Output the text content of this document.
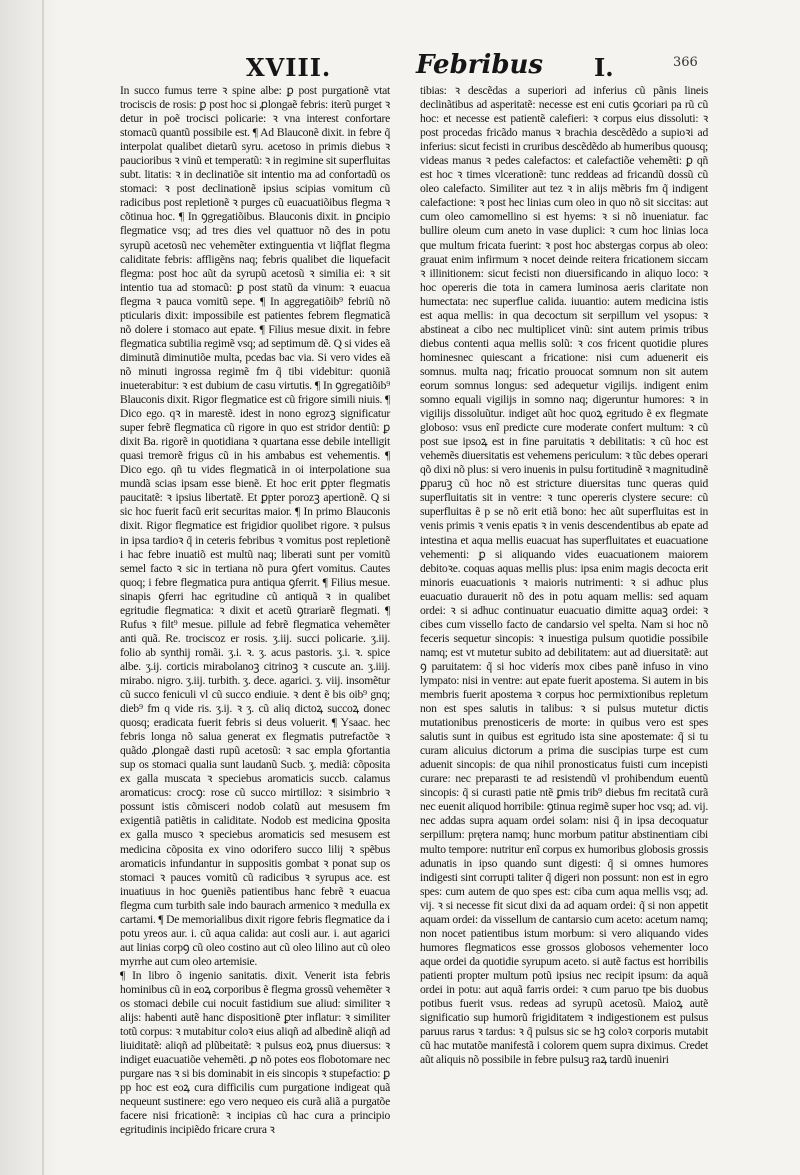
XVIII.	Febribus I.	366

In succo fumus terre ꝛ spine albe: ꝑ post purgationẽ vtat trociscis de rosis: ꝑ post hoc si ꝓlongaẽ febris: iterũ purget ꝛ detur in poẽ trocisci policarie: ꝛ vna interest confortare stomacũ quantũ possibile est. ¶ Ad Blauconẽ dixit. in febre q̃ interpolat qualibet dietarũ syru. acetoso in primis diebus ꝛ paucioribus ꝛ vinũ et temperatũ: ꝛ in regimine sit superfluitas subt. litatis: ꝛ in declinatiõe sit intentio ma ad confortadũ os stomaci: ꝛ post declinationẽ ipsius scipias vomitum cũ radicibus post repletionẽ ꝛ purges cũ euacuatiõibus flegma ꝛ cõtinua hoc. ¶ In ꝯgregatiõibus. Blauconis dixit. in ꝑncipio flegmatice vsq; ad tres dies vel quattuor nõ des in potu syrupũ acetosũ nec vehemẽter extinguentia vt liq̃flat flegma caliditate febris: affligẽns naq; febris qualibet die liquefacit flegma: post hoc aũt da syrupũ acetosũ ꝛ similia ei: ꝛ sit intentio tua ad stomacũ: ꝑ post statũ da vinum: ꝛ euacua flegma ꝛ pauca vomitũ sepe. ¶ In aggregatiõib⁹ febriũ nõ pticularis dixit: impossibile est patientes febrem flegmaticã nõ dolere i stomaco aut epate. ¶ Filius mesue dixit. in febre flegmatica subtilia regimẽ vsq; ad septimum dẽ. Q si vides eã diminutã diminutiõe multa, pcedas bac via. Si vero vides eã nõ minuti ingrossa regimẽ fm q̃ tibi videbitur: quoniã inueterabitur: ꝛ est dubium de casu virtutis. ¶ In ꝯgregatiõib⁹ Blauconis dixit. Rigor flegmatice est cũ frigore simili niuis. ¶ Dico ego. qꝛ in marestẽ. idest in nono egrozꝫ significatur super febrẽ flegmatica cũ rigore in quo est stridor dentiũ: ꝑ dixit Ba. rigorẽ in quotidiana ꝛ quartana esse debile intelligit quasi tremorẽ frigus cũ in his ambabus est vehementis. ¶ Dico ego. qñ tu vides flegmaticã in oi interpolatione sua mundã scias ipsam esse bienẽ. Et hoc erit ꝑpter flegmatis paucitatẽ: ꝛ ipsius libertatẽ. Et ꝑpter porozꝫ apertionẽ. Q si sic hoc fuerit facũ erit securitas maior. ¶ In primo Blauconis dixit. Rigor flegmatice est frigidior quolibet rigore. ꝛ pulsus in ipsa tardioꝛ q̃ in ceteris febribus ꝛ vomitus post repletionẽ i hac febre inuatiõ est multũ naq; liberati sunt per vomitũ semel facto ꝛ sic in tertiana nõ pura ꝯfert vomitus. Cautes quoq; i febre flegmatica pura antiqua ꝯferrit. ¶ Filius mesue. sinapis ꝯferri hac egritudine cũ antiquã ꝛ in qualibet egritudie flegmatica: ꝛ dixit et acetũ ꝯtrariarẽ flegmati. ¶ Rufus ꝛ filt⁹ mesue. pillule ad febrẽ flegmatica vehemẽter anti quã. Re. trociscoz er rosis. ʒ.iij. succi policarie. ʒ.iij. folio ab synthij romãi. ʒ.i. ꝛ. ʒ. acus pastoris. ʒ.i. ꝛ. spice albe. ʒ.ij. corticis mirabolanoꝫ citrinoꝫ ꝛ cuscute an. ʒ.iiij. mirabo. nigro. ʒ.iij. turbith. ʒ. dece. agarici. ʒ. viij. insomẽtur cũ succo feniculi vl cũ succo endiuie. ꝛ dent ẽ bis oib⁹ gnq; dieb⁹ fm q vide ris. ʒ.ij. ꝛ ʒ. cũ aliq dictoꝝ succoꝝ donec quosq; eradicata fuerit febris si deus voluerit. ¶ Ysaac. hec febris longa nõ salua generat ex flegmatis putrefactõe ꝛ quãdo ꝓlongaẽ dasti rupũ acetosũ: ꝛ sac empla ꝯfortantia sup os stomaci qualia sunt laudanũ Sucb. ʒ. mediã: cõposita ex galla muscata ꝛ speciebus aromaticis succb. calamus aromaticus: crocꝯ: rose cũ succo mirtilloz: ꝛ sisimbrio ꝛ possunt istis cõmisceri nodob colatũ aut mesusem fm exigentiã patiẽtis in caliditate. Nodob est medicina ꝯposita ex galla musco ꝛ speciebus aromaticis sed mesusem est medicina cõposita ex vino odorifero succo lilij ꝛ spẽbus aromaticis infundantur in suppositis gombat ꝛ ponat sup os stomaci ꝛ pauces vomitũ cũ radicibus ꝛ syrupus ace. est inuatiuus in hoc ꝯueniẽs patientibus hanc febrẽ ꝛ euacua flegma cum turbith sale indo baurach armenico ꝛ medulla ex cartami. ¶ De memorialibus dixit rigore febris flegmatice da i potu yreos aur. i. cũ aqua calida: aut cosli aur. i. aut agarici aut linias corpꝯ cũ oleo costino aut cũ oleo lilino aut cũ oleo myrrhe aut cum oleo artemisie.

¶ In libro õ ingenio sanitatis. dixit. Venerit ista febris hominibus cũ in eoꝝ corporibus ẽ flegma grossũ vehemẽter ꝛ os stomaci debile cui nocuit fastidium sue aliud: similiter ꝛ alijs: habenti autẽ hanc dispositionẽ ꝑter inflatur: ꝛ similiter totũ corpus: ꝛ mutabitur coloꝛ eius aliqñ ad albedinẽ aliqñ ad liuiditatẽ: aliqñ ad plũbeitatẽ: ꝛ pulsus eoꝝ pnus diuersus: ꝛ indiget euacuatiõe vehemẽti. ꝓ nõ potes eos flobotomare nec purgare nas ꝛ si bis dominabit in eis sincopis ꝛ stupefactio: ꝑ pp hoc est eoꝝ cura difficilis cum purgatione indigeat quã nequeunt sustinere: ego vero nequeo eis curã aliã a purgatõe facere nisi fricationẽ: ꝛ incipias cũ hac cura a principio egritudinis incipiẽdo fricare crura ꝛ

tibias: ꝛ descẽdas a superiori ad inferius cũ pãnis lineis declinãtibus ad asperitatẽ: necesse est eni cutis ꝯcoriari pa rũ cũ hoc: et necesse est patientẽ calefieri: ꝛ corpus eius dissoluti: ꝛ post procedas fricãdo manus ꝛ brachia descẽdẽdo a supioꝛi ad inferius: sicut fecisti in cruribus descẽdẽdo ab humeribus quousq; videas manus ꝛ pedes calefactos: et calefactiõe vehemẽti: ꝑ qñ est hoc ꝛ times vlcerationẽ: tunc reddeas ad fricandũ dossũ cũ oleo calefacto. Similiter aut tez ꝛ in alijs mẽbris fm q̃ indigent calefactione: ꝛ post hec linias cum oleo in quo nõ sit siccitas: aut cum oleo camomellino si est hyems: ꝛ si nõ inueniatur. fac bullire oleum cum aneto in vase duplici: ꝛ cum hoc linias loca que multum fricata fuerint: ꝛ post hoc abstergas corpus ab oleo: grauat enim infirmum ꝛ nocet deinde reitera fricationem siccam ꝛ illinitionem: sicut fecisti non diuersificando in aliquo loco: ꝛ hoc opereris die tota in camera luminosa aeris claritate non humectata: nec superflue calida. iuuantio: autem medicina istis est aqua mellis: in qua decoctum sit serpillum vel ysopus: ꝛ abstineat a cibo nec multiplicet vinũ: sint autem primis tribus diebus contenti aqua mellis solũ: ꝛ cos fricent quotidie plures hominesnec quiescant a fricatione: nisi cum aduenerit eis somnus. multa naq; fricatio prouocat somnum non sit autem eorum somnus longus: sed adequetur vigilijs. indigent enim somno equali vigilijs in somno naq; digeruntur humores: ꝛ in vigilijs dissoluũtur. indiget aũt hoc quoꝝ egritudo ẽ ex flegmate globoso: vsus enĩ predicte cure moderate confert multum: ꝛ cũ post sue ipsoꝝ est in fine paruitatis ꝛ debilitatis: ꝛ cũ hoc est vehemẽs diuersitatis est vehemens periculum: ꝛ tũc debes operari qõ dixi nõ plus: si vero inuenis in pulsu fortitudinẽ ꝛ magnitudinẽ ꝑparuꝫ cũ hoc nõ est stricture diuersitas tunc queras quid superfluitatis sit in ventre: ꝛ tunc opereris clystere secure: cũ superfluitas ẽ p se nõ erit etiã bono: hec aũt superfluitas est in venis primis ꝛ venis epatis ꝛ in venis descendentibus ab epate ad intestina et aqua mellis euacuat has superfluitates et euacuatione vehementi: ꝑ si aliquando vides euacuationem maiorem debitoꝛe. coquas aquas mellis plus: ipsa enim magis decocta erit minoris euacuationis ꝛ maioris nutrimenti: ꝛ si adhuc plus euacuatio durauerit nõ des in potu aquam mellis: sed aquam ordei: ꝛ si adhuc continuatur euacuatio dimitte aquaꝫ ordei: ꝛ cibes cum vissello facto de candarsio vel spelta. Nam si hoc nõ feceris sequetur sincopis: ꝛ inuestiga pulsum quotidie possibile namq; est vt mutetur subito ad debilitatem: aut ad diuersitatẽ: aut ꝯ paruitatem: q̃ si hoc viderís mox cibes panẽ infuso in vino lympato: nisi in ventre: aut epate fuerit apostema. Si autem in bis membris fuerit apostema ꝛ corpus hoc permixtionibus repletum non est spes salutis in talibus: ꝛ si pulsus mutetur dictis mutationibus prenosticeris de morte: in quibus vero est spes salutis sunt in quibus est egritudo ista sine apostemate: q̃ si tu curam alicuius dictorum a prima die suscipias turpe est cum aduenit sincopis: de qua nihil pronosticatus fuisti cum incepisti curare: nec preparasti te ad resistendũ vl prohibendum euentũ sincopis: q̃ si curasti patie ntẽ ꝑmis trib⁹ diebus fm recitatã curã nec euenit aliquod horribile: ꝯtinua regimẽ super hoc vsq; ad. vij. nec addas supra aquam ordei solam: nisi q̃ in ipsa decoquatur serpillum: prętera namq; hunc morbum patitur abstinentiam cibi multo tempore: nutritur enĩ corpus ex humoribus globosis grossis adunatis in ipso quando sunt digesti: q̃ si omnes humores indigesti sint corrupti taliter q̃ digeri non possunt: non est in egro spes: cum autem de quo spes est: ciba cum aqua mellis vsq; ad. vij. ꝛ si necesse fit sicut dixi da ad aquam ordei: q̃ si non appetit aquam ordei: da vissellum de cantarsio cum aceto: acetum namq; non nocet patientibus istum morbum: si vero aliquando vides humores flegmaticos esse grossos globosos vehementer loco aque ordei da quotidie syrupum aceto. si autẽ factus est horribilis patienti propter multum potũ ipsius nec recipit ipsum: da aquã ordei in potu: aut aquã farris ordei: ꝛ cum paruo tpe bis duobus potibus fuerit vsus. redeas ad syrupũ acetosũ. Maioꝝ autẽ significatio sup humorũ frigiditatem ꝛ indigestionem est pulsus paruus rarus ꝛ tardus: ꝛ q̃ pulsus sic se hꝫ coloꝛ corporis mutabit cũ hac mutatõe manifestã i colorem quem supra diximus. Credet aũt aliquis nõ possibile in febre pulsuꝫ raꝝ tardũ inueniri
